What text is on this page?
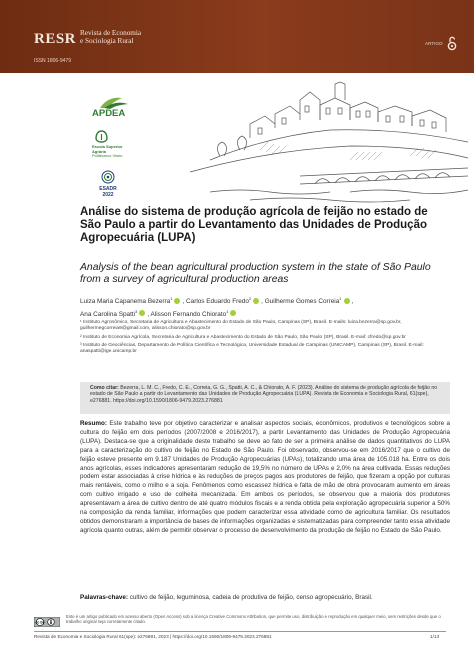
RESR Revista de Economia
e Sociologia Rural
ISSN 1806-9479
ARTIGO
APDEA
Escola Superior
Agrária
Politécnico Viseu
ESADR
2022
Análise do sistema de produção agrícola de feijão no estado de São Paulo a partir do Levantamento das Unidades de Produção Agropecuária (LUPA)
Analysis of the bean agricultural production system in the state of São Paulo from a survey of agricultural production areas
Luiza Maria Capanema Bezerra$^1$ , Carlos Eduardo Fredo$^2$ , Guilherme Gomes Correia$^1$ ,
Ana Carolina Spatti$^3$ , Alisson Fernando Chiorato$^1$
¹ Instituto Agronômico, Secretaria de Agricultura e Abastecimento do Estado de São Paulo, Campinas (SP), Brasil. E-mails: luiza.bezerra@sp.gov.br, guilhermegcorreia9@gmail.com, alisson.chiorato@sp.gov.br
² Instituto de Economia Agrícola, Secretaria de Agricultura e Abastecimento do Estado de São Paulo, São Paulo (SP), Brasil. E-mail: cfredo@sp.gov.br
³ Instituto de Geociências, Departamento de Política Científica e Tecnológica, Universidade Estadual de Campinas (UNICAMP), Campinas (SP), Brasil. E-mail: anaspatti@ige.unicamp.br
Como citar: Bezerra, L. M. C., Fredo, C. E., Correia, G. G., Spatti, A. C., & Chiorato, A. F. (2023). Análise do sistema de produção agrícola de feijão no estado de São Paulo a partir do Levantamento das Unidades de Produção Agropecuária (LUPA). Revista de Economia e Sociologia Rural, 61(spe), e276881. https://doi.org/10.1590/1806-9479.2023.276881
Resumo: Este trabalho teve por objetivo caracterizar e analisar aspectos sociais, econômicos, produtivos e tecnológicos sobre a cultura do feijão em dois períodos (2007/2008 e 2016/2017), a partir Levantamento das Unidades de Produção Agropecuária (LUPA). Destaca-se que a originalidade deste trabalho se deve ao fato de ser a primeira análise de dados quantitativos do LUPA para a caracterização do cultivo de feijão no Estado de São Paulo. Foi observado, observou-se em 2016/2017 que o cultivo de feijão esteve presente em 9.187 Unidades de Produção Agropecuárias (UPAs), totalizando uma área de 105.018 ha. Entre os dois anos agrícolas, esses indicadores apresentaram redução de 19,5% no número de UPAs e 2,0% na área cultivada. Essas reduções podem estar associadas à crise hídrica e às reduções de preços pagos aos produtores de feijão, que fizeram a opção por culturas mais rentáveis, como o milho e a soja. Fenômenos como escassez hídrica e falta de mão de obra provocaram aumento em áreas com cultivo irrigado e uso de colheita mecanizada. Em ambos os períodos, se observou que a maioria dos produtores apresentavam a área de cultivo dentro de até quatro módulos fiscais e a renda obtida pela exploração agropecuária superior a 50% na composição da renda familiar, informações que podem caracterizar essa atividade como de agricultura familiar. Os resultados obtidos demonstraram a importância de bases de informações organizadas e sistematizadas para compreender tanto essa atividade agrícola quanto outras, além de permitir observar o processo de desenvolvimento da produção de feijão no Estado de São Paulo.
Palavras-chave: cultivo de feijão, leguminosa, cadeia de produtiva de feijão, censo agropecuário, Brasil.
cc by
Este é um artigo publicado em acesso aberto (Open Access) sob a licença Creative Commons Attribution, que permite uso, distribuição e reprodução em qualquer meio, sem restrições desde que o trabalho original seja corretamente citado.
Revista de Economia e Sociologia Rural 61(spe): e276881, 2023 | https://doi.org/10.1590/1806-9479.2023.276881	1/13
